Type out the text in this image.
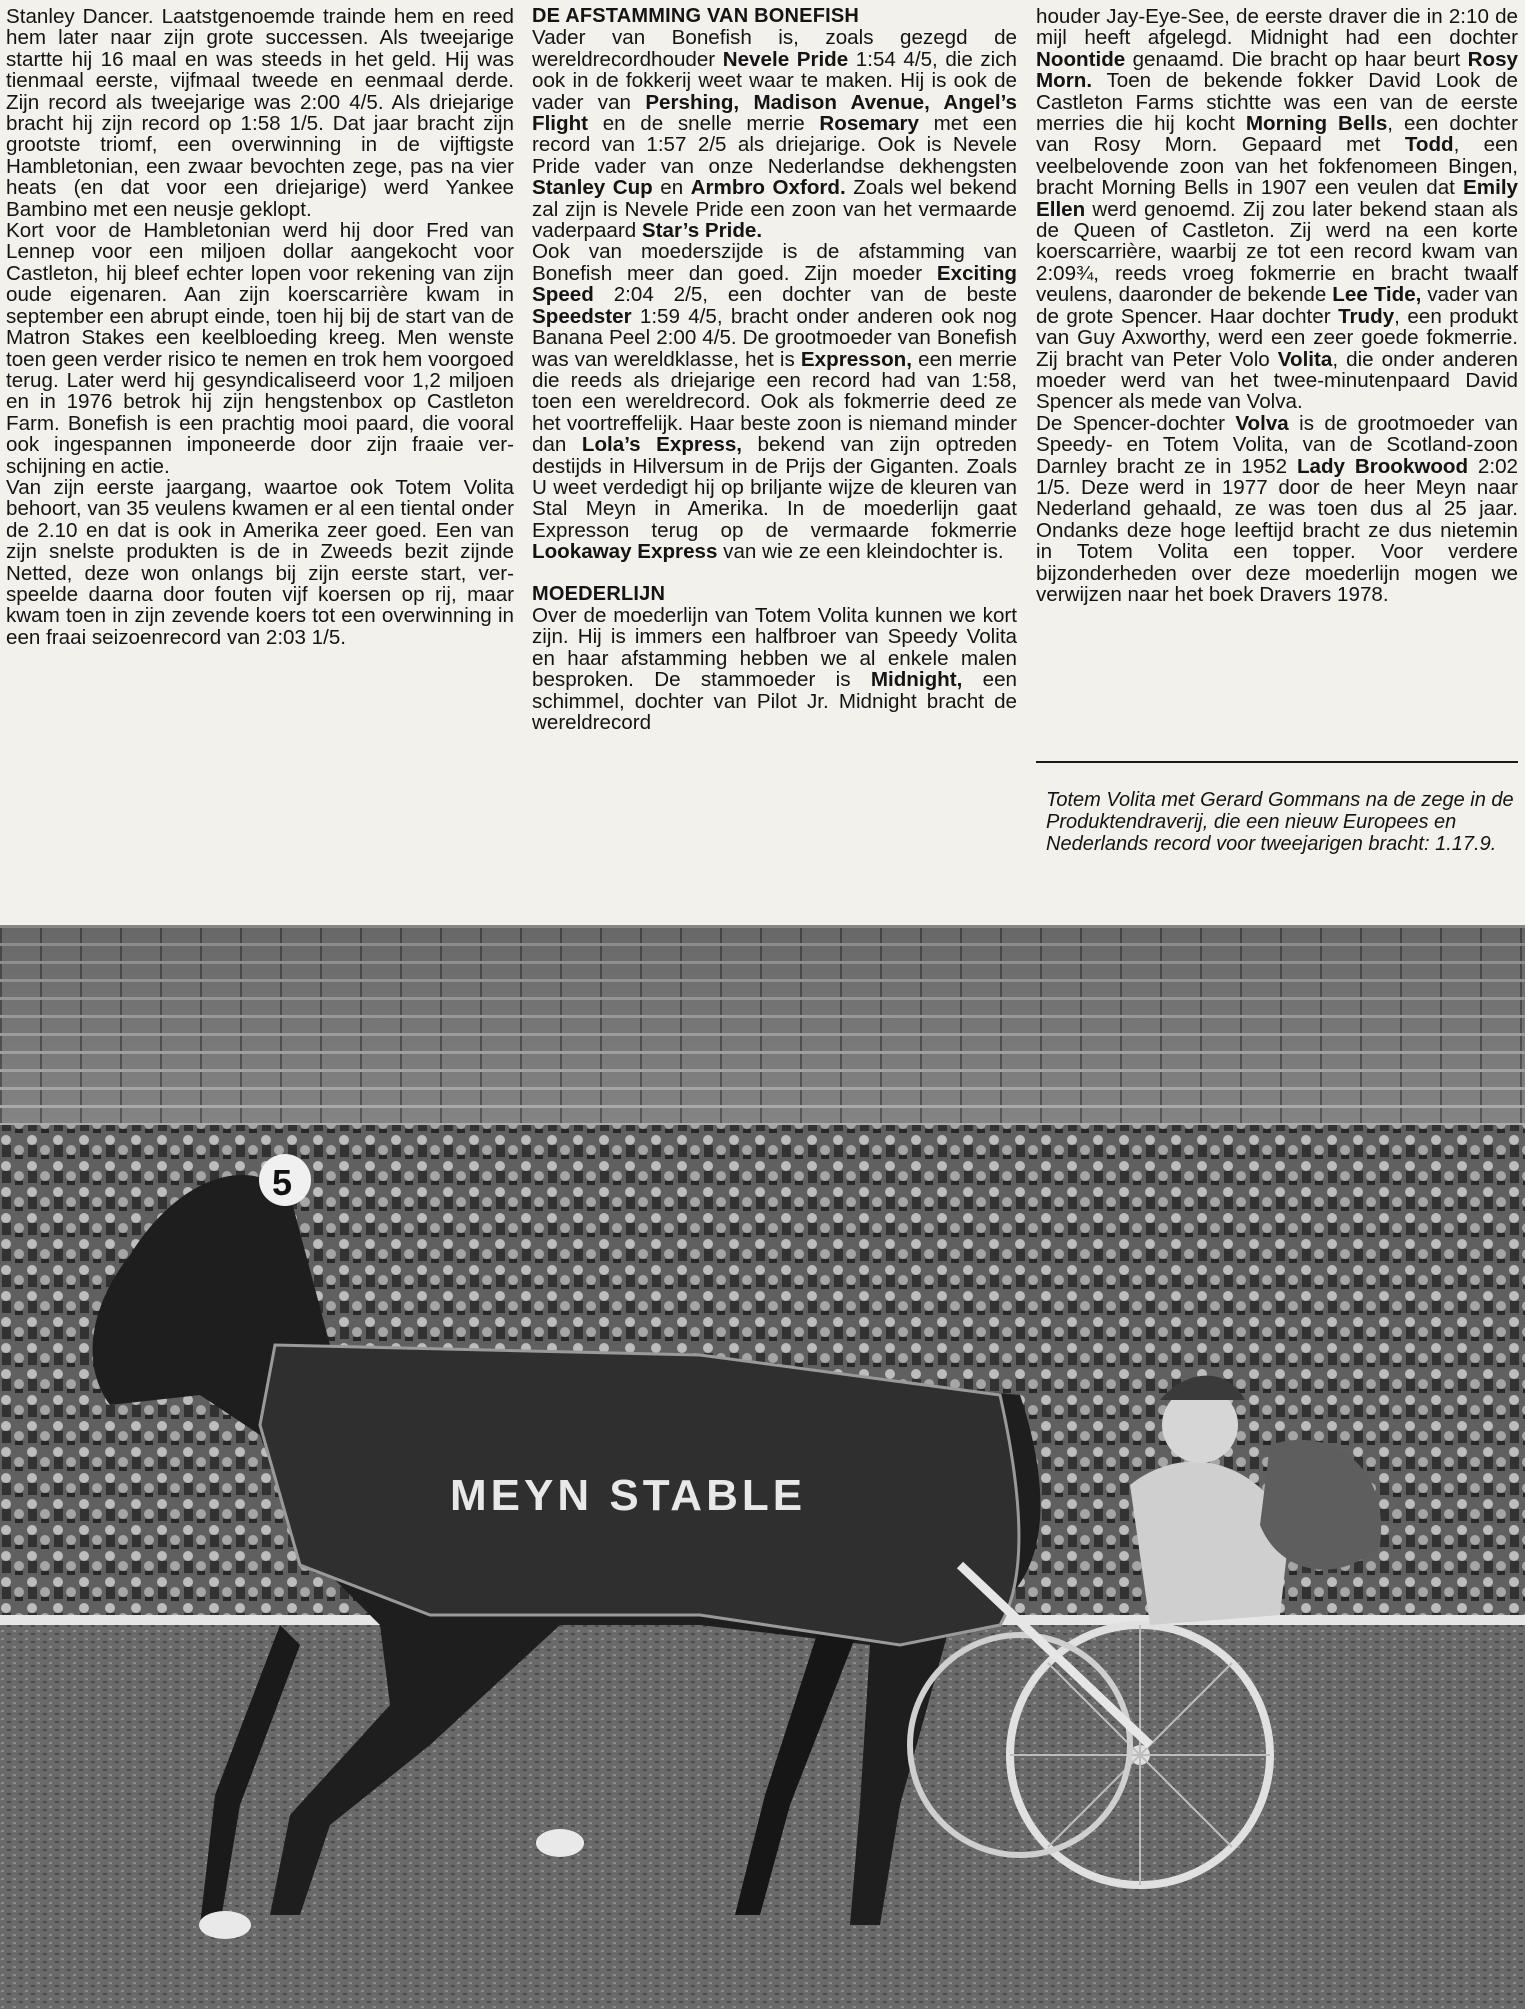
Stanley Dancer. Laatstgenoemde trainde hem en reed hem later naar zijn grote successen. Als tweejarige startte hij 16 maal en was steeds in het geld. Hij was tienmaal eerste, vijfmaal tweede en eenmaal derde. Zijn record als tweejarige was 2:00 4/5. Als driejarige bracht hij zijn record op 1:58 1/5. Dat jaar bracht zijn grootste triomf, een overwinning in de vijftigste Hambletonian, een zwaar bevochten zege, pas na vier heats (en dat voor een driejarige) werd Yankee Bambino met een neusje geklopt.

Kort voor de Hambletonian werd hij door Fred van Lennep voor een miljoen dollar aangekocht voor Castleton, hij bleef echter lopen voor rekening van zijn oude eigenaren. Aan zijn koerscarrière kwam in september een abrupt einde, toen hij bij de start van de Matron Stakes een keelbloeding kreeg. Men wenste toen geen verder risico te nemen en trok hem voorgoed terug. Later werd hij gesyndicaliseerd voor 1,2 miljoen en in 1976 betrok hij zijn hengstenbox op Castleton Farm. Bonefish is een prachtig mooi paard, die vooral ook ingespannen imponeerde door zijn fraaie verschijning en actie.

Van zijn eerste jaargang, waartoe ook Totem Volita behoort, van 35 veulens kwamen er al een tiental onder de 2.10 en dat is ook in Amerika zeer goed. Een van zijn snelste produkten is de in Zweeds bezit zijnde Netted, deze won onlangs bij zijn eerste start, verspeelde daarna door fouten vijf koersen op rij, maar kwam toen in zijn zevende koers tot een overwinning in een fraai seizoenrecord van 2:03 1/5.

DE AFSTAMMING VAN BONEFISH

Vader van Bonefish is, zoals gezegd de wereldrecordhouder Nevele Pride 1:54 4/5, die zich ook in de fokkerij weet waar te maken. Hij is ook de vader van Pershing, Madison Avenue, Angel’s Flight en de snelle merrie Rosemary met een record van 1:57 2/5 als driejarige. Ook is Nevele Pride vader van onze Nederlandse dekhengsten Stanley Cup en Armbro Oxford. Zoals wel bekend zal zijn is Nevele Pride een zoon van het vermaarde vaderpaard Star’s Pride.

Ook van moederszijde is de afstamming van Bonefish meer dan goed. Zijn moeder Exciting Speed 2:04 2/5, een dochter van de beste Speedster 1:59 4/5, bracht onder anderen ook nog Banana Peel 2:00 4/5. De grootmoeder van Bonefish was van wereldklasse, het is Expresson, een merrie die reeds als driejarige een record had van 1:58, toen een wereldrecord. Ook als fokmerrie deed ze het voortreffelijk. Haar beste zoon is niemand minder dan Lola’s Express, bekend van zijn optreden destijds in Hilversum in de Prijs der Giganten. Zoals U weet verdedigt hij op briljante wijze de kleuren van Stal Meyn in Amerika. In de moederlijn gaat Expresson terug op de vermaarde fokmerrie Lookaway Express van wie ze een kleindochter is.

MOEDERLIJN

Over de moederlijn van Totem Volita kunnen we kort zijn. Hij is immers een halfbroer van Speedy Volita en haar afstamming hebben we al enkele malen besproken. De stammoeder is Midnight, een schimmel, dochter van Pilot Jr. Midnight bracht de wereldrecord

houder Jay-Eye-See, de eerste draver die in 2:10 de mijl heeft afgelegd. Midnight had een dochter Noontide genaamd. Die bracht op haar beurt Rosy Morn. Toen de bekende fokker David Look de Castleton Farms stichtte was een van de eerste merries die hij kocht Morning Bells, een dochter van Rosy Morn. Gepaard met Todd, een veelbelovende zoon van het fokfenomeen Bingen, bracht Morning Bells in 1907 een veulen dat Emily Ellen werd genoemd. Zij zou later bekend staan als de Queen of Castleton. Zij werd na een korte koerscarrière, waarbij ze tot een record kwam van 2:09¾, reeds vroeg fokmerrie en bracht twaalf veulens, daaronder de bekende Lee Tide, vader van de grote Spencer. Haar dochter Trudy, een produkt van Guy Axworthy, werd een zeer goede fokmerrie. Zij bracht van Peter Volo Volita, die onder anderen moeder werd van het twee-minutenpaard David Spencer als mede van Volva.

De Spencer-dochter Volva is de grootmoeder van Speedy- en Totem Volita, van de Scotland-zoon Darnley bracht ze in 1952 Lady Brookwood 2:02 1/5. Deze werd in 1977 door de heer Meyn naar Nederland gehaald, ze was toen dus al 25 jaar. Ondanks deze hoge leeftijd bracht ze dus nietemin in Totem Volita een topper. Voor verdere bijzonderheden over deze moederlijn mogen we verwijzen naar het boek Dravers 1978.

Totem Volita met Gerard Gommans na de zege in de Produktendraverij, die een nieuw Europees en Nederlands record voor tweejarigen bracht: 1.17.9.
MEYN STABLE
5
